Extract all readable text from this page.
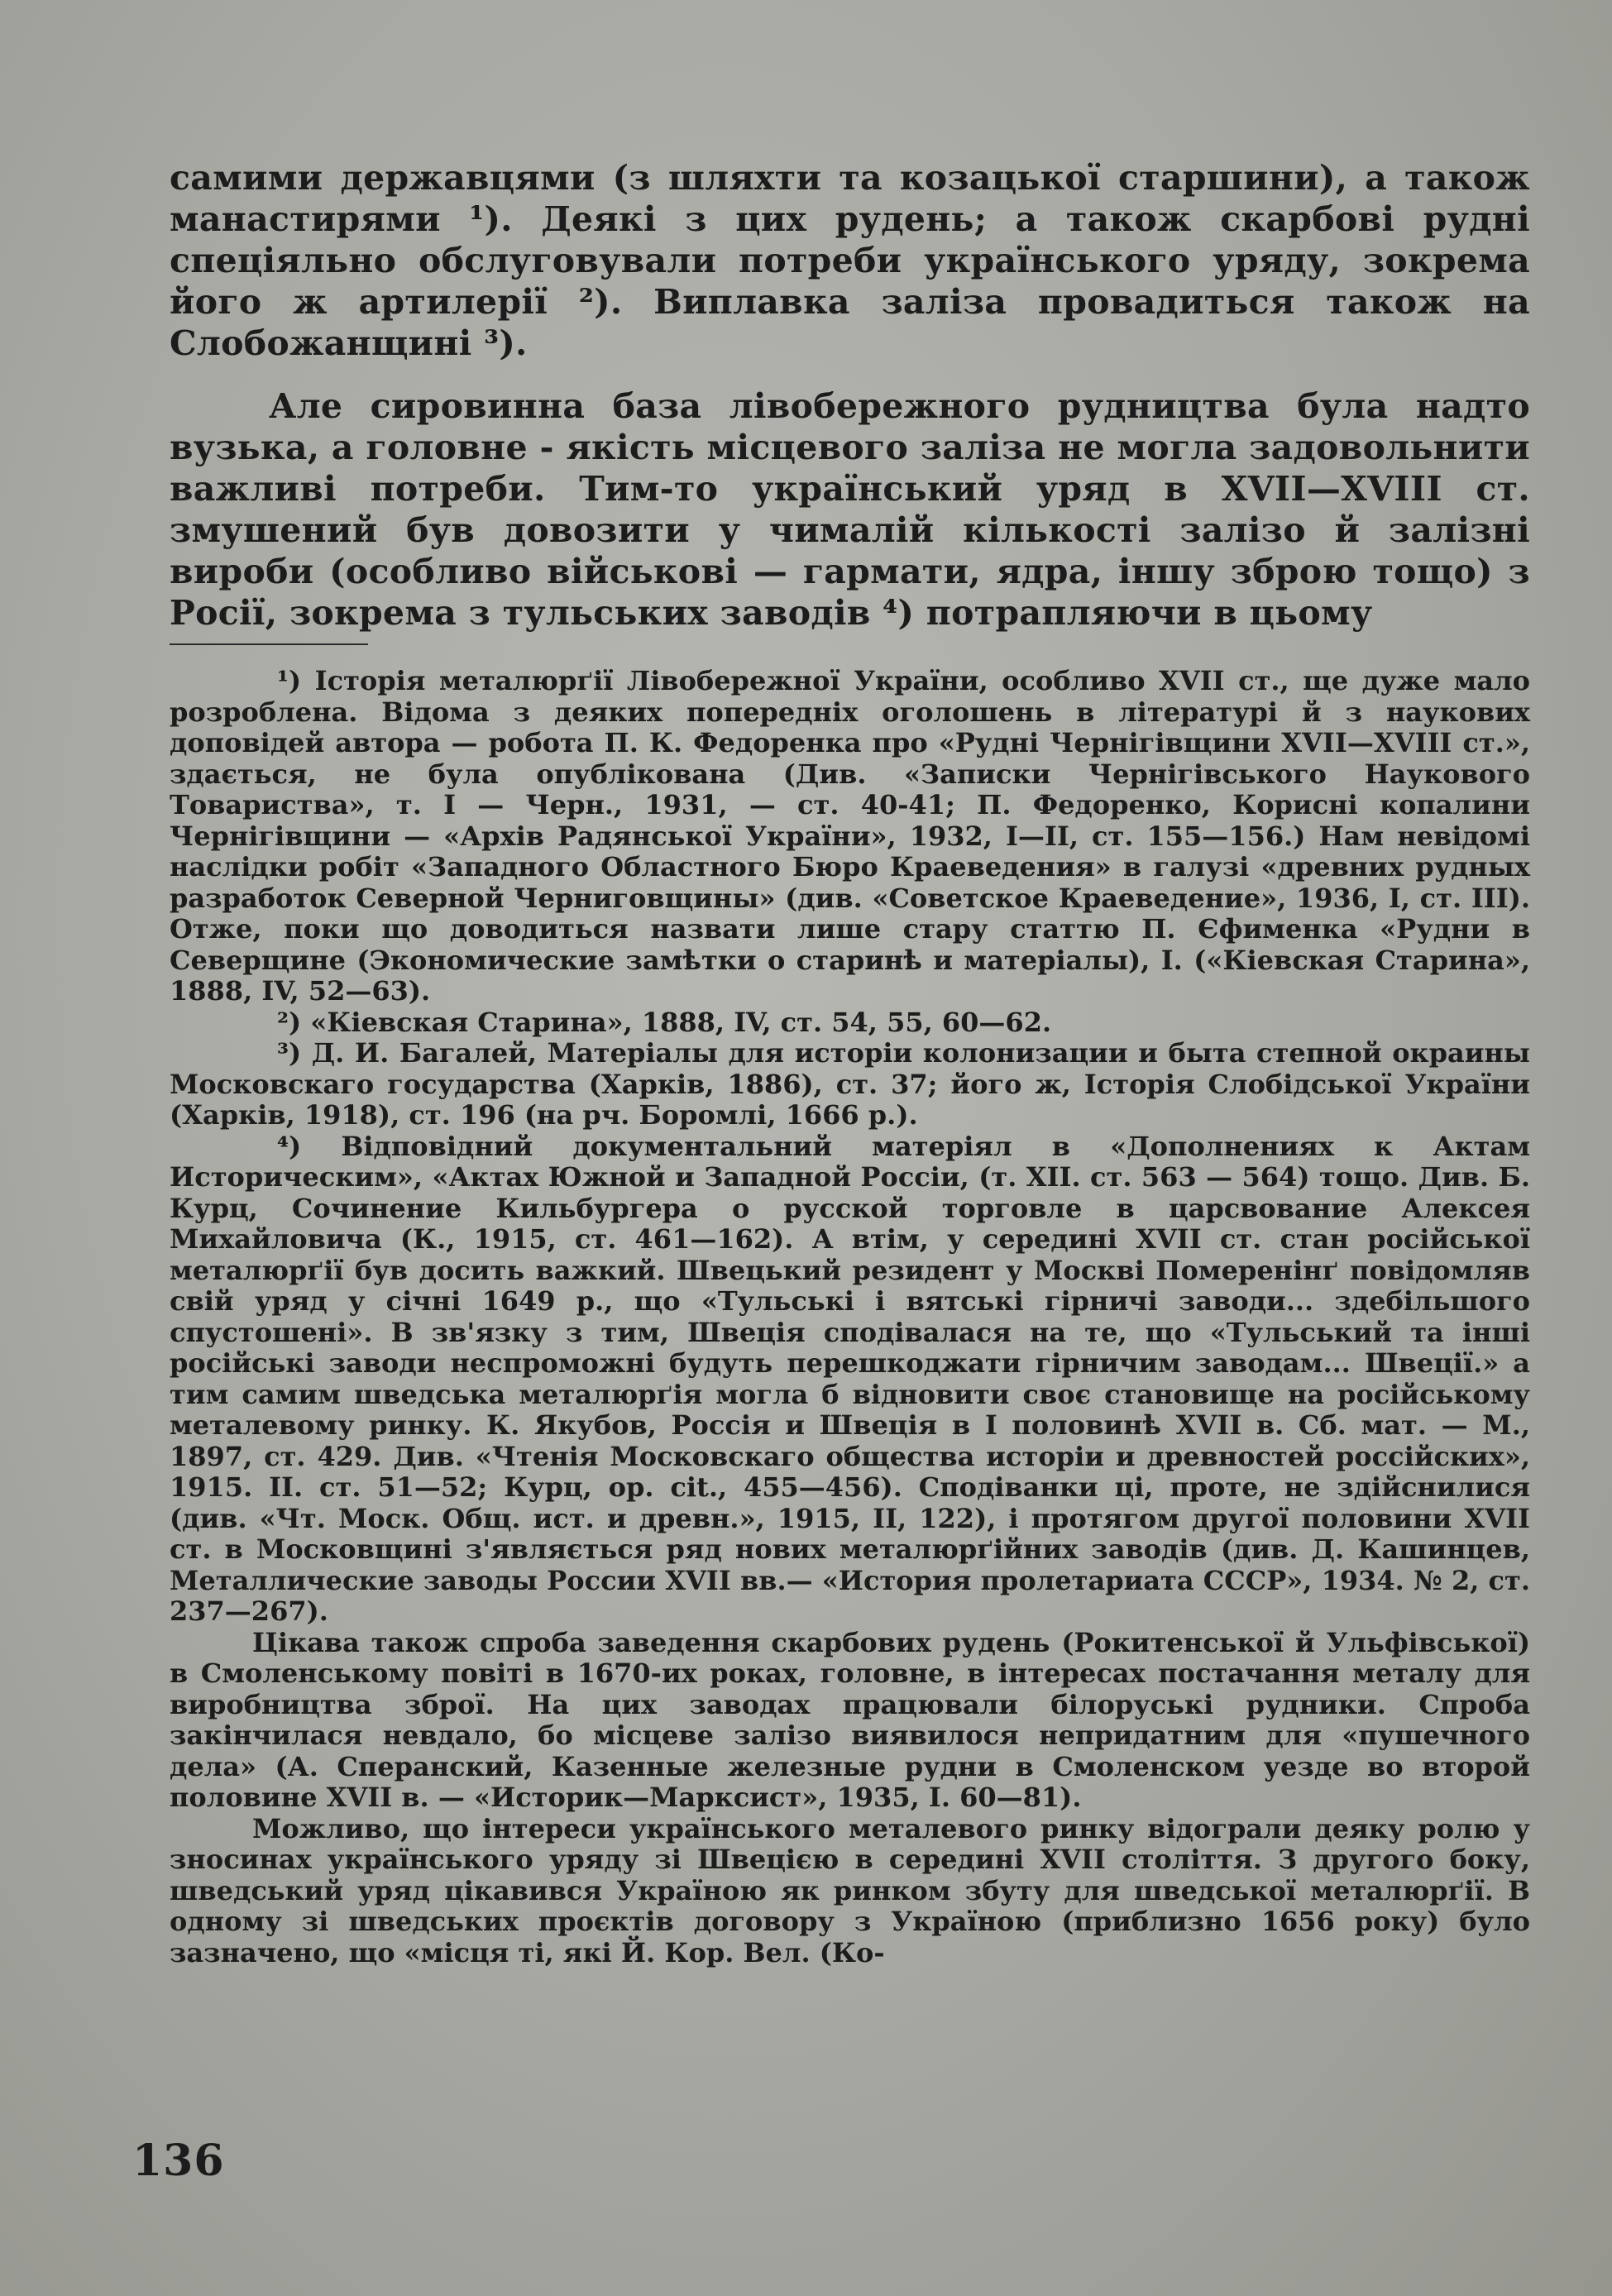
самими державцями (з шляхти та козацької старшини), а також манастирями ¹). Деякі з цих рудень; а також скарбові рудні спеціяльно обслуговували потреби українського уряду, зокрема його ж артилерії ²). Виплавка заліза провадиться також на Слобожанщині ³).

Але сировинна база лівобережного рудництва була надто вузька, а головне - якість місцевого заліза не могла задовольнити важливі потреби. Тим-то український уряд в XVII—XVIII ст. змушений був довозити у чималій кількості залізо й залізні вироби (особливо військові — гармати, ядра, іншу зброю тощо) з Росії, зокрема з тульських заводів ⁴) потрапляючи в цьому

¹) Історія металюрґії Лівобережної України, особливо XVII ст., ще дуже мало розроблена. Відома з деяких попередніх оголошень в літературі й з наукових доповідей автора — робота П. К. Федоренка про «Рудні Чернігівщини XVII—XVIII ст.», здається, не була опублікована (Див. «Записки Чернігівського Наукового Товариства», т. I — Черн., 1931, — ст. 40-41; П. Федоренко, Корисні копалини Чернігівщини — «Архів Радянської України», 1932, I—II, ст. 155—156.) Нам невідомі наслідки робіт «Западного Областного Бюро Краеведения» в галузі «древних рудных разработок Северной Черниговщины» (див. «Советское Краеведение», 1936, I, ст. III). Отже, поки що доводиться назвати лише стару статтю П. Єфименка «Рудни в Северщине (Экономические замѣтки о старинѣ и матеріалы), I. («Кіевская Старина», 1888, IV, 52—63).

²) «Кіевская Старина», 1888, IV, ст. 54, 55, 60—62.

³) Д. И. Багалей, Матеріалы для исторіи колонизации и быта степной окраины Московскаго государства (Харків, 1886), ст. 37; його ж, Історія Слобідської України (Харків, 1918), ст. 196 (на рч. Боромлі, 1666 р.).

⁴) Відповідний документальний матеріял в «Дополнениях к Актам Историческим», «Актах Южной и Западной Россіи, (т. XII. ст. 563 — 564) тощо. Див. Б. Курц, Сочинение Кильбургера о русской торговле в царсвование Алексея Михайловича (К., 1915, ст. 461—162). А втім, у середині XVII ст. стан російської металюрґії був досить важкий. Швецький резидент у Москві Померенінґ повідомляв свій уряд у січні 1649 р., що «Тульські і вятські гірничі заводи... здебільшого спустошені». В зв'язку з тим, Швеція сподівалася на те, що «Тульський та інші російські заводи неспроможні будуть перешкоджати гірничим заводам... Швеції.» а тим самим шведська металюрґія могла б відновити своє становище на російському металевому ринку. К. Якубов, Россія и Швеція в I половинѣ XVII в. Сб. мат. — М., 1897, ст. 429. Див. «Чтенія Московскаго общества исторіи и древностей россійских», 1915. II. ст. 51—52; Курц, op. cit., 455—456). Сподіванки ці, проте, не здійснилися (див. «Чт. Моск. Общ. ист. и древн.», 1915, II, 122), і протягом другої половини XVII ст. в Московщині з'являється ряд нових металюрґійних заводів (див. Д. Кашинцев, Металлические заводы России XVII вв.— «История пролетариата СССР», 1934. № 2, ст. 237—267).

Цікава також спроба заведення скарбових рудень (Рокитенської й Ульфівської) в Смоленському повіті в 1670-их роках, головне, в інтересах постачання металу для виробництва зброї. На цих заводах працювали білоруські рудники. Спроба закінчилася невдало, бо місцеве залізо виявилося непридатним для «пушечного дела» (А. Сперанский, Казенные железные рудни в Смоленском уезде во второй половине XVII в. — «Историк—Марксист», 1935, I. 60—81).

Можливо, що інтереси українського металевого ринку відограли деяку ролю у зносинах українського уряду зі Швецією в середині XVII століття. З другого боку, шведський уряд цікавився Україною як ринком збуту для шведської металюрґії. В одному зі шведських проєктів договору з Україною (приблизно 1656 року) було зазначено, що «місця ті, які Й. Кор. Вел. (Ко-

136
